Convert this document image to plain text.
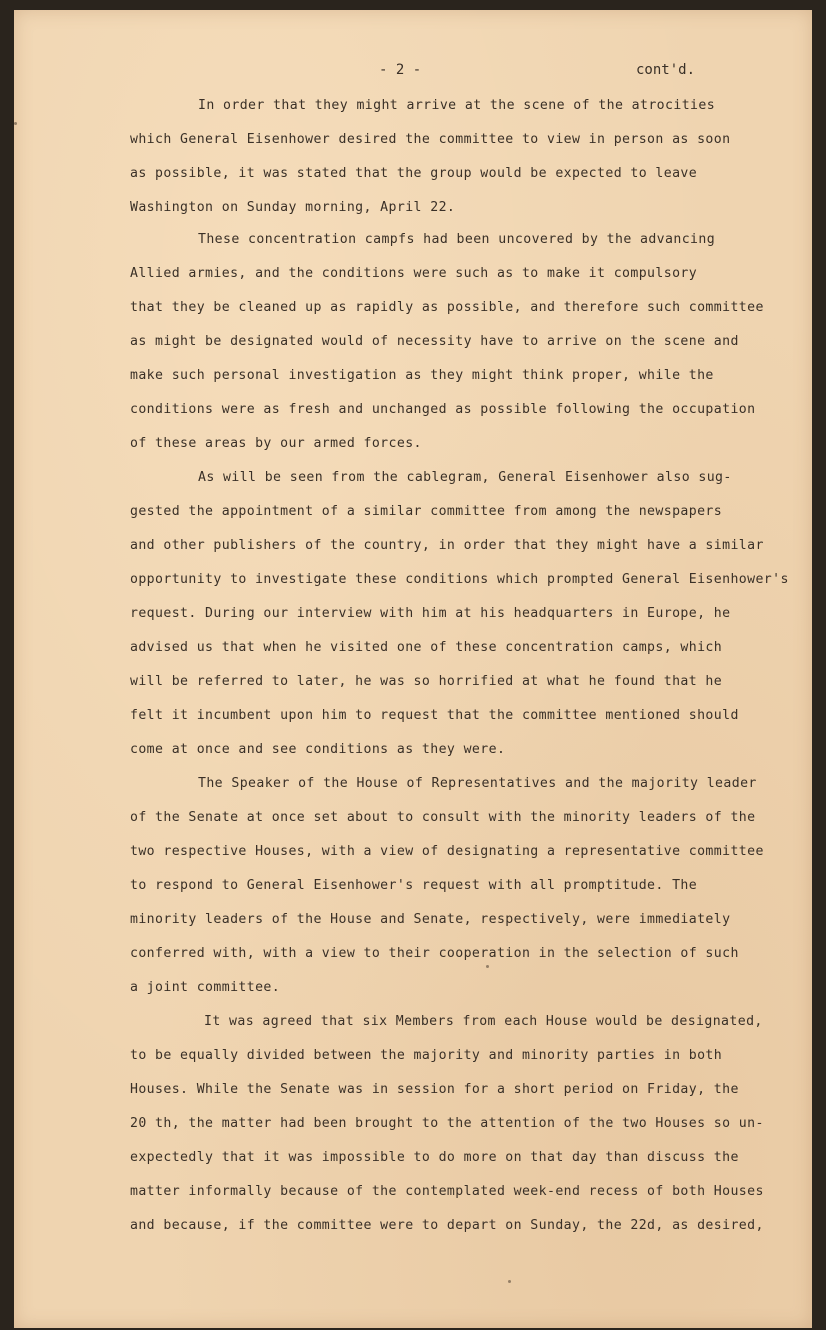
- 2 -	cont'd.
In order that they might arrive at the scene of the atrocities
which General Eisenhower desired the committee to view in person as soon
as possible, it was stated that the group would be expected to leave
Washington on Sunday morning, April 22.
These concentration campfs had been uncovered by the advancing
Allied armies, and the conditions were such as to make it compulsory
that they be cleaned up as rapidly as possible, and therefore such committee
as might be designated would of necessity have to arrive on the scene and
make such personal investigation as they might think proper, while the
conditions were as fresh and unchanged as possible following the occupation
of these areas by our armed forces.
As will be seen from the cablegram, General Eisenhower also sug-
gested the appointment of a similar committee from among the newspapers
and other publishers of the country, in order that they might have a similar
opportunity to investigate these conditions which prompted General Eisenhower's
request. During our interview with him at his headquarters in Europe, he
advised us that when he visited one of these concentration camps, which
will be referred to later, he was so horrified at what he found that he
felt it incumbent upon him to request that the committee mentioned should
come at once and see conditions as they were.
The Speaker of the House of Representatives and the majority leader
of the Senate at once set about to consult with the minority leaders of the
two respective Houses, with a view of designating a representative committee
to respond to General Eisenhower's request with all promptitude. The
minority leaders of the House and Senate, respectively, were immediately
conferred with, with a view to their cooperation in the selection of such
a joint committee.
It was agreed that six Members from each House would be designated,
to be equally divided between the majority and minority parties in both
Houses. While the Senate was in session for a short period on Friday, the
20 th, the matter had been brought to the attention of the two Houses so un-
expectedly that it was impossible to do more on that day than discuss the
matter informally because of the contemplated week-end recess of both Houses
and because, if the committee were to depart on Sunday, the 22d, as desired,
